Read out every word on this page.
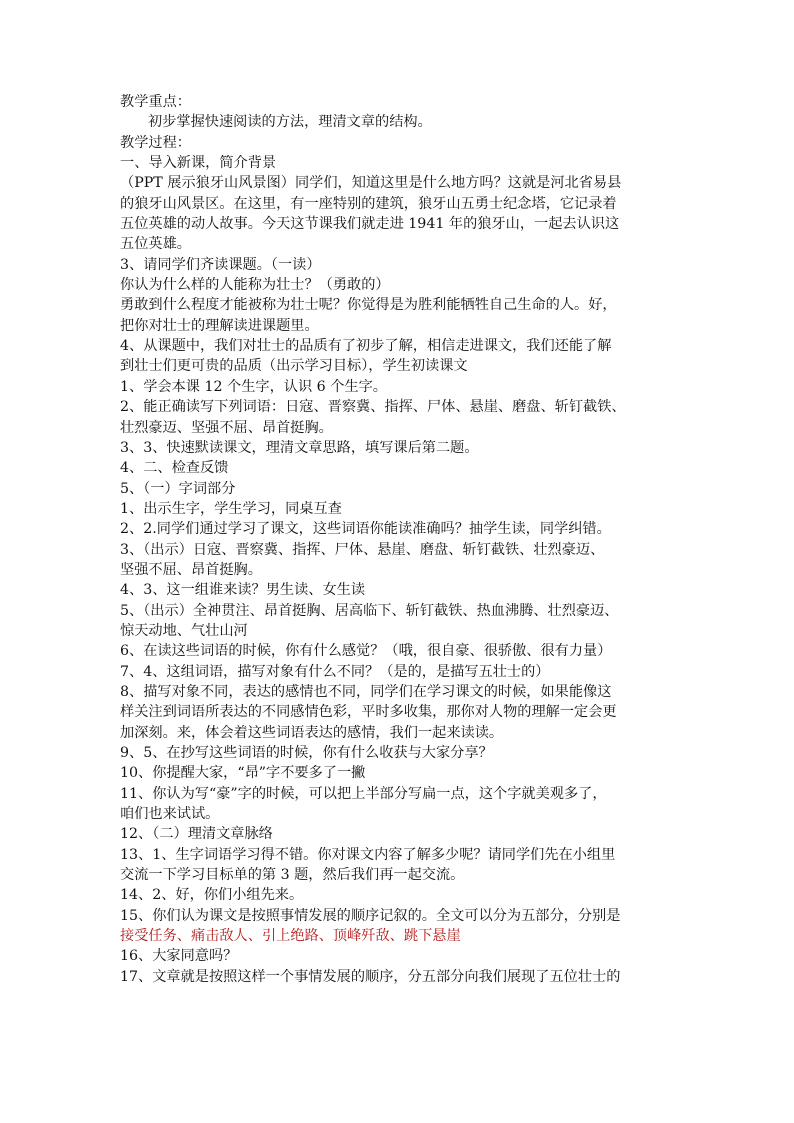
教学重点：
初步掌握快速阅读的方法，理清文章的结构。
教学过程：
一、导入新课，简介背景
（PPT 展示狼牙山风景图）同学们，知道这里是什么地方吗？这就是河北省易县
的狼牙山风景区。在这里，有一座特别的建筑，狼牙山五勇士纪念塔，它记录着
五位英雄的动人故事。今天这节课我们就走进 1941 年的狼牙山，一起去认识这
五位英雄。
3、请同学们齐读课题。（一读）
你认为什么样的人能称为壮士？（勇敢的）
勇敢到什么程度才能被称为壮士呢？你觉得是为胜利能牺牲自己生命的人。好，
把你对壮士的理解读进课题里。
4、从课题中，我们对壮士的品质有了初步了解，相信走进课文，我们还能了解
到壮士们更可贵的品质（出示学习目标），学生初读课文
1、学会本课 12 个生字，认识 6 个生字。
2、能正确读写下列词语：日寇、晋察冀、指挥、尸体、悬崖、磨盘、斩钉截铁、
壮烈豪迈、坚强不屈、昂首挺胸。
3、3、快速默读课文，理清文章思路，填写课后第二题。
4、二、检查反馈
5、（一）字词部分
1、出示生字，学生学习，同桌互查
2、2.同学们通过学习了课文，这些词语你能读准确吗？抽学生读，同学纠错。
3、（出示）日寇、晋察冀、指挥、尸体、悬崖、磨盘、斩钉截铁、壮烈豪迈、
坚强不屈、昂首挺胸。
4、3、这一组谁来读？男生读、女生读
5、（出示）全神贯注、昂首挺胸、居高临下、斩钉截铁、热血沸腾、壮烈豪迈、
惊天动地、气壮山河
6、在读这些词语的时候，你有什么感觉？（哦，很自豪、很骄傲、很有力量）
7、4、这组词语，描写对象有什么不同？（是的，是描写五壮士的）
8、描写对象不同，表达的感情也不同，同学们在学习课文的时候，如果能像这
样关注到词语所表达的不同感情色彩，平时多收集，那你对人物的理解一定会更
加深刻。来，体会着这些词语表达的感情，我们一起来读读。
9、5、在抄写这些词语的时候，你有什么收获与大家分享？
10、你提醒大家，“昂”字不要多了一撇
11、你认为写“豪”字的时候，可以把上半部分写扁一点，这个字就美观多了，
咱们也来试试。
12、（二）理清文章脉络
13、1、生字词语学习得不错。你对课文内容了解多少呢？请同学们先在小组里
交流一下学习目标单的第 3 题，然后我们再一起交流。
14、2、好，你们小组先来。
15、你们认为课文是按照事情发展的顺序记叙的。全文可以分为五部分，分别是
接受任务、痛击敌人、引上绝路、顶峰歼敌、跳下悬崖
16、大家同意吗？
17、文章就是按照这样一个事情发展的顺序，分五部分向我们展现了五位壮士的
